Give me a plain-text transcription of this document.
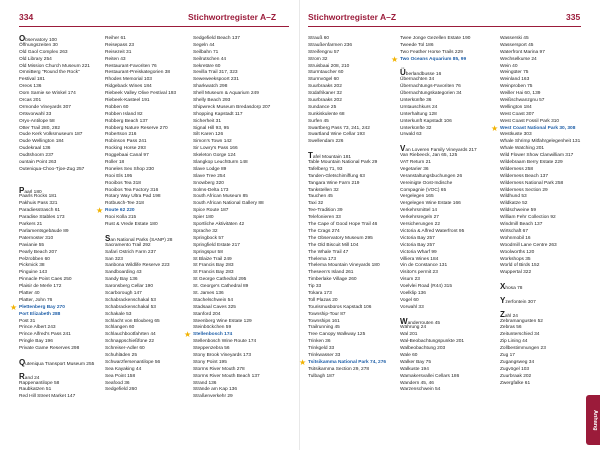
334	Stichwortregister A–Z
Observatory 100
Öffnungszeiten 30
Old Gaol Complex 263
Old Library 254
Old Mission Church Museum 221
OmniBerg "Round the Rock"
Festival 181
Oreos 136
Oom Samie se Winkel 174
Orcas 201
Ormonde Vineyards 307
Ortsvorwahl 33
Oryx-Antilope 58
Otter Trail 280, 282
Oude Kerk Volksmuseum 187
Oude Wellington 184
Oudekraal 136
Oudtshoorn 237
ountain Point 263
Outeniqua-Choo-Tjoe-Zug 257
Paarl 180
Paarls Rocks 181
Pakhuis Pass 321
Paradiesstrasch 61
Paradise Stables 173
Parkers 21
Parlamentsgebäude 89
Paternoster 310
Pavianie 55
Pearly Beach 207
Pelzrobben 60
Pickmick 38
Pinguine 143
Pinnacle Point Caes 250
Plaisir de Merle 172
Platter 40
Platter, John 76
★ Plettenberg Bay 270
Port Elizabeth 288
Post 31
Prince Albert 243
Prince Alfred's Pass 241
Pringle Bay 196
Private Game Reserves 298
Quteniqua Transport Museum 255
Rand 24
Rappenantilope 58
Raubkatzen 51
Red Hill Street Market 147
Reiher 61
Reisepass 23
Reisezeit 31
Reiten 43
Restaurant-Favoriten 76
Restaurant-Preiskategorien 38
Rhodes Memorial 103
Ridgeback Wines 184
Riebeek Valley Olive Festival 193
Riebeek-Kasteel 191
Robben 60
Robben Island 82
Robberg Beach 137
Robberg Nature Reserve 270
Robertson 216
Robinson Pass 241
Rocking Horse 293
Roggebaai Canal 97
Roller 18
Roneles Sex Shop 230
Rooi Els 195
Rooibos Tea 318
Rooibos Tea Factory 316
Rotary Way Ultra Pad 198
Rotbusch-Tee 318
★ Route 62 220
Rooi Kolla 215
Rust & Vrede Estate 180
San National Parks (SANP) 28
Sacramento Trail 292
Safari Ostrich Farm 237
San 323
Sanbona Wildlife Reserve 223
Sandboarding 43
Sandy Bay 136
Saronsberg Cellar 190
Scarborough 147
Schabrackenschakal 53
Schabrackenschakal 53
Schakale 53
Schlacht von Blouberg 65
Schlangen 60
Schlauchbootfahrten 44
Schnappschießfüne 22
Schreiser-Adler 60
Schuhläden 25
Schwarzfersenantilope 56
Sea Kayaking 44
Sea Point 158
Seafood 36
Sedgefield 260
Sedgefield Beach 137
Segeln 44
Seilbahn 71
Seilrutschen 44
Sekretäre 60
Sevilla Trail 317, 323
Seweweekspoort 231
Sharkwatch 298
Shell Museum & Aquarium 249
Shelly Beach 293
Shipwreck Museum Bredasdorp 207
Shopping Kapstadt 117
Sicherheit 31
Signal Hill 93, 95
Silt Karen 126
Simon's Town 142
Sir Lowry's Pass 166
Skeleton Gorge 124
Slangkop Leuchtturm 148
Slave Lodge 89
Slave Tree 254
Snowberg 320
Solms-Delta 173
South African Museum 85
South African National Gallery 88
Spice Route 187
Spier 180
Sportliche Aktivitäten 42
Sprache 32
Springbock 57
Springfield Estate 217
Springspur 58
St Blaize Trail 249
St Francis Bay 283
St Francis Bay 283
St George Cathedral 295
St. George's Cathedral 89
St. James 136
Stachelschwein 54
Stadsaal Caves 325
Stanford 204
Steenberg Wine Estate 129
Steinböckchen 59
★ Stellenbosch 174
Stellenbosch Wine Route 174
Steppenzebra 56
Stony Brook Vineyards 173
Stony Point 195
Storms River Mouth 278
Storms River Mouth Beach 137
Strand 136
Strände am Kap 136
Straßenverkehr 29
Stichwortregister A–Z	335
Strauß 60
Straußenfarmen 236
Streifengnu 57
Strom 32
Struisbaai 208, 210
Sturmtaucher 60
Sturmvögel 60
Suurbraaks 202
Südafrikaner 32
Suurbraaks 202
Sundance 25
Sunkiskulente 68
Surfen 45
Swartberg Pass 73, 241, 242
Swartland Wine Cellar 193
Swellendam 226
Tafel Mountain 181
Table Mountain National Park 29
Tafelberg 71, 93
Tanden-Gletschimiffung 63
Tangara Wine Farm 219
Tankstellen 32
Tauchen 45
Taxi 32
Tee-Tradition 39
Telefonieren 33
The Cape of Good Hope Trail 46
The Crags 274
The Observatory Museum 295
The Old Biscuit Mill 104
The Whale Trail 47
Thelema 173
Thelema Mountain Vineyards 180
Theseen's Island 261
Timberlake Village 260
Tip 33
Tokara 173
Toll Plazas 20
Tourismusbüros Kapstadt 106
Township-Tour 87
Townships 161
Trailrunning 45
Tree Canopy Walkway 125
Trinken 36
Trinkgeld 33
Trinkwasser 33
★ Tsitsikamma National Park 74, 276
Tsitsikamma Section 29, 278
Tulbagh 187
Twee Jonge Gezellen Estate 190
Tweede Tol 186
Two Feather Horse Trails 229
★ Two Oceans Aquarium 85, 99
Überlandbusse 16
Übernachten 34
Übernachtungs-Favoriten 76
Übernachtungskategorien 34
Unterkünfte 36
Umtauschkurs 24
Unterhaltung 128
Unterkunft Kapstadt 106
Unterkünfte 32
Urwald 63
Van Loveren Family Vineyards 217
Van Riebeeck, Jan 65, 125
VAT Return 21
Vegetarier 36
Veranstaltungsbuchungen 26
Vereinigte Oost-Indische
Compagnie (VOC) 65
Vergelegen 165
Vergelegen Wine Estate 166
Verkehrsmittel 14
Verkehrsregeln 27
Versicherungen 22
Victoria & Alfred Waterfront 95
Victoria Bay 257
Victoria Bay 257
Victoria Wharf 99
Villiera Wines 184
Vin de Constance 131
Visitor's permit 23
Visum 23
Voelvlei Road (R44) 315
Voelklip 136
Vogel 60
Vorwahl 33
Wanderrouten 45
Währung 24
Wal 201
Wal-Beobachtungspunkte 201
Walbeobachtung 203
Wale 60
Walker Bay 75
Walkuste 194
Wamakersvallei Cellars 186
Wandern 45, 46
Warzenschwein 54
Wasserski 45
Wassersport 45
Waterfront Marina 97
Wechselkurse 24
Wein 40
Weingüter 75
Weinland 163
Weinproben 75
Weiller Hai 60, 139
Weißschwanzgnu 57
Wellington 184
West Coast 307
West Coast Fossil Park 310
★ West Coast National Park 30, 308
Westkuste 303
Whale Shrimp Mitfahrgelegenheit 131
Whale Watching 201
Wild Flower Show Clanwilliam 317
Wildebraam Berry Estate 229
Wilderness 258
Wilderness Beach 137
Wilderness National Park 258
Wilderness Section 29
Wildhund 53
Wildkatze 52
Wildschweine 59
William Fehr Collection 92
Windmill Beach 137
Wirtschaft 67
Wohnmobil 16
Woodmill Lane Centre 263
Woolworths 120
Workshops 35
World of Birds 152
Wuppertal 322
Xhosa 78
Yzerfontein 307
Zahl 24
Zebramangusten 52
Zebras 56
Zeitunterschied 34
Zip Lining 44
Zollbestimmungen 23
Zug 17
Zugangsweg 34
Zugvögel 103
Zuurbraak 202
Zwergfalke 61
Anhang
